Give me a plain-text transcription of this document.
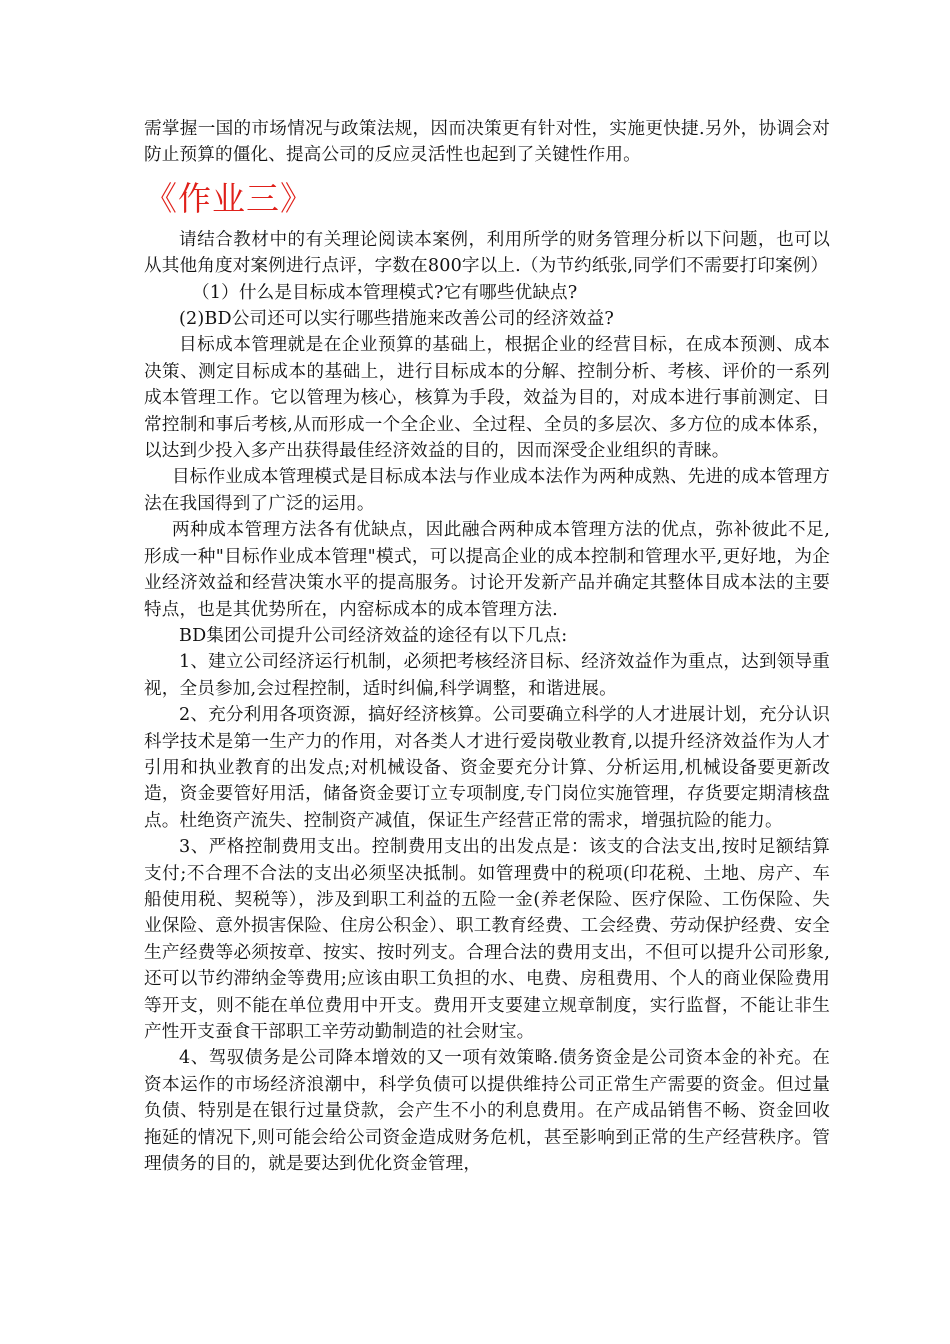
需掌握一国的市场情况与政策法规，因而决策更有针对性，实施更快捷.另外，协调会对防止预算的僵化、提高公司的反应灵活性也起到了关键性作用。

《作业三》

请结合教材中的有关理论阅读本案例，利用所学的财务管理分析以下问题，也可以从其他角度对案例进行点评，字数在800字以上.（为节约纸张,同学们不需要打印案例）

（1）什么是目标成本管理模式?它有哪些优缺点?

(2)BD公司还可以实行哪些措施来改善公司的经济效益?

目标成本管理就是在企业预算的基础上，根据企业的经营目标，在成本预测、成本决策、测定目标成本的基础上，进行目标成本的分解、控制分析、考核、评价的一系列成本管理工作。它以管理为核心，核算为手段，效益为目的，对成本进行事前测定、日常控制和事后考核,从而形成一个全企业、全过程、全员的多层次、多方位的成本体系，以达到少投入多产出获得最佳经济效益的目的，因而深受企业组织的青睐。

目标作业成本管理模式是目标成本法与作业成本法作为两种成熟、先进的成本管理方法在我国得到了广泛的运用。

两种成本管理方法各有优缺点，因此融合两种成本管理方法的优点，弥补彼此不足,形成一种"目标作业成本管理"模式，可以提高企业的成本控制和管理水平,更好地，为企业经济效益和经营决策水平的提高服务。讨论开发新产品并确定其整体目成本法的主要特点，也是其优势所在，内窑标成本的成本管理方法.

BD集团公司提升公司经济效益的途径有以下几点:

1、建立公司经济运行机制，必须把考核经济目标、经济效益作为重点，达到领导重视，全员参加,会过程控制，适时纠偏,科学调整，和谐进展。

2、充分利用各项资源，搞好经济核算。公司要确立科学的人才进展计划，充分认识科学技术是第一生产力的作用，对各类人才进行爱岗敬业教育,以提升经济效益作为人才引用和执业教育的出发点;对机械设备、资金要充分计算、分析运用,机械设备要更新改造，资金要管好用活，储备资金要订立专项制度,专门岗位实施管理，存货要定期清核盘点。杜绝资产流失、控制资产减值，保证生产经营正常的需求，增强抗险的能力。

3、严格控制费用支出。控制费用支出的出发点是：该支的合法支出,按时足额结算支付;不合理不合法的支出必须坚决抵制。如管理费中的税项(印花税、土地、房产、车船使用税、契税等），涉及到职工利益的五险一金(养老保险、医疗保险、工伤保险、失业保险、意外损害保险、住房公积金）、职工教育经费、工会经费、劳动保护经费、安全生产经费等必须按章、按实、按时列支。合理合法的费用支出，不但可以提升公司形象,还可以节约滞纳金等费用;应该由职工负担的水、电费、房租费用、个人的商业保险费用等开支，则不能在单位费用中开支。费用开支要建立规章制度，实行监督，不能让非生产性开支蚕食干部职工辛劳动勤制造的社会财宝。

4、驾驭债务是公司降本增效的又一项有效策略.债务资金是公司资本金的补充。在资本运作的市场经济浪潮中，科学负债可以提供维持公司正常生产需要的资金。但过量负债、特别是在银行过量贷款，会产生不小的利息费用。在产成品销售不畅、资金回收拖延的情况下,则可能会给公司资金造成财务危机，甚至影响到正常的生产经营秩序。管理债务的目的，就是要达到优化资金管理，
